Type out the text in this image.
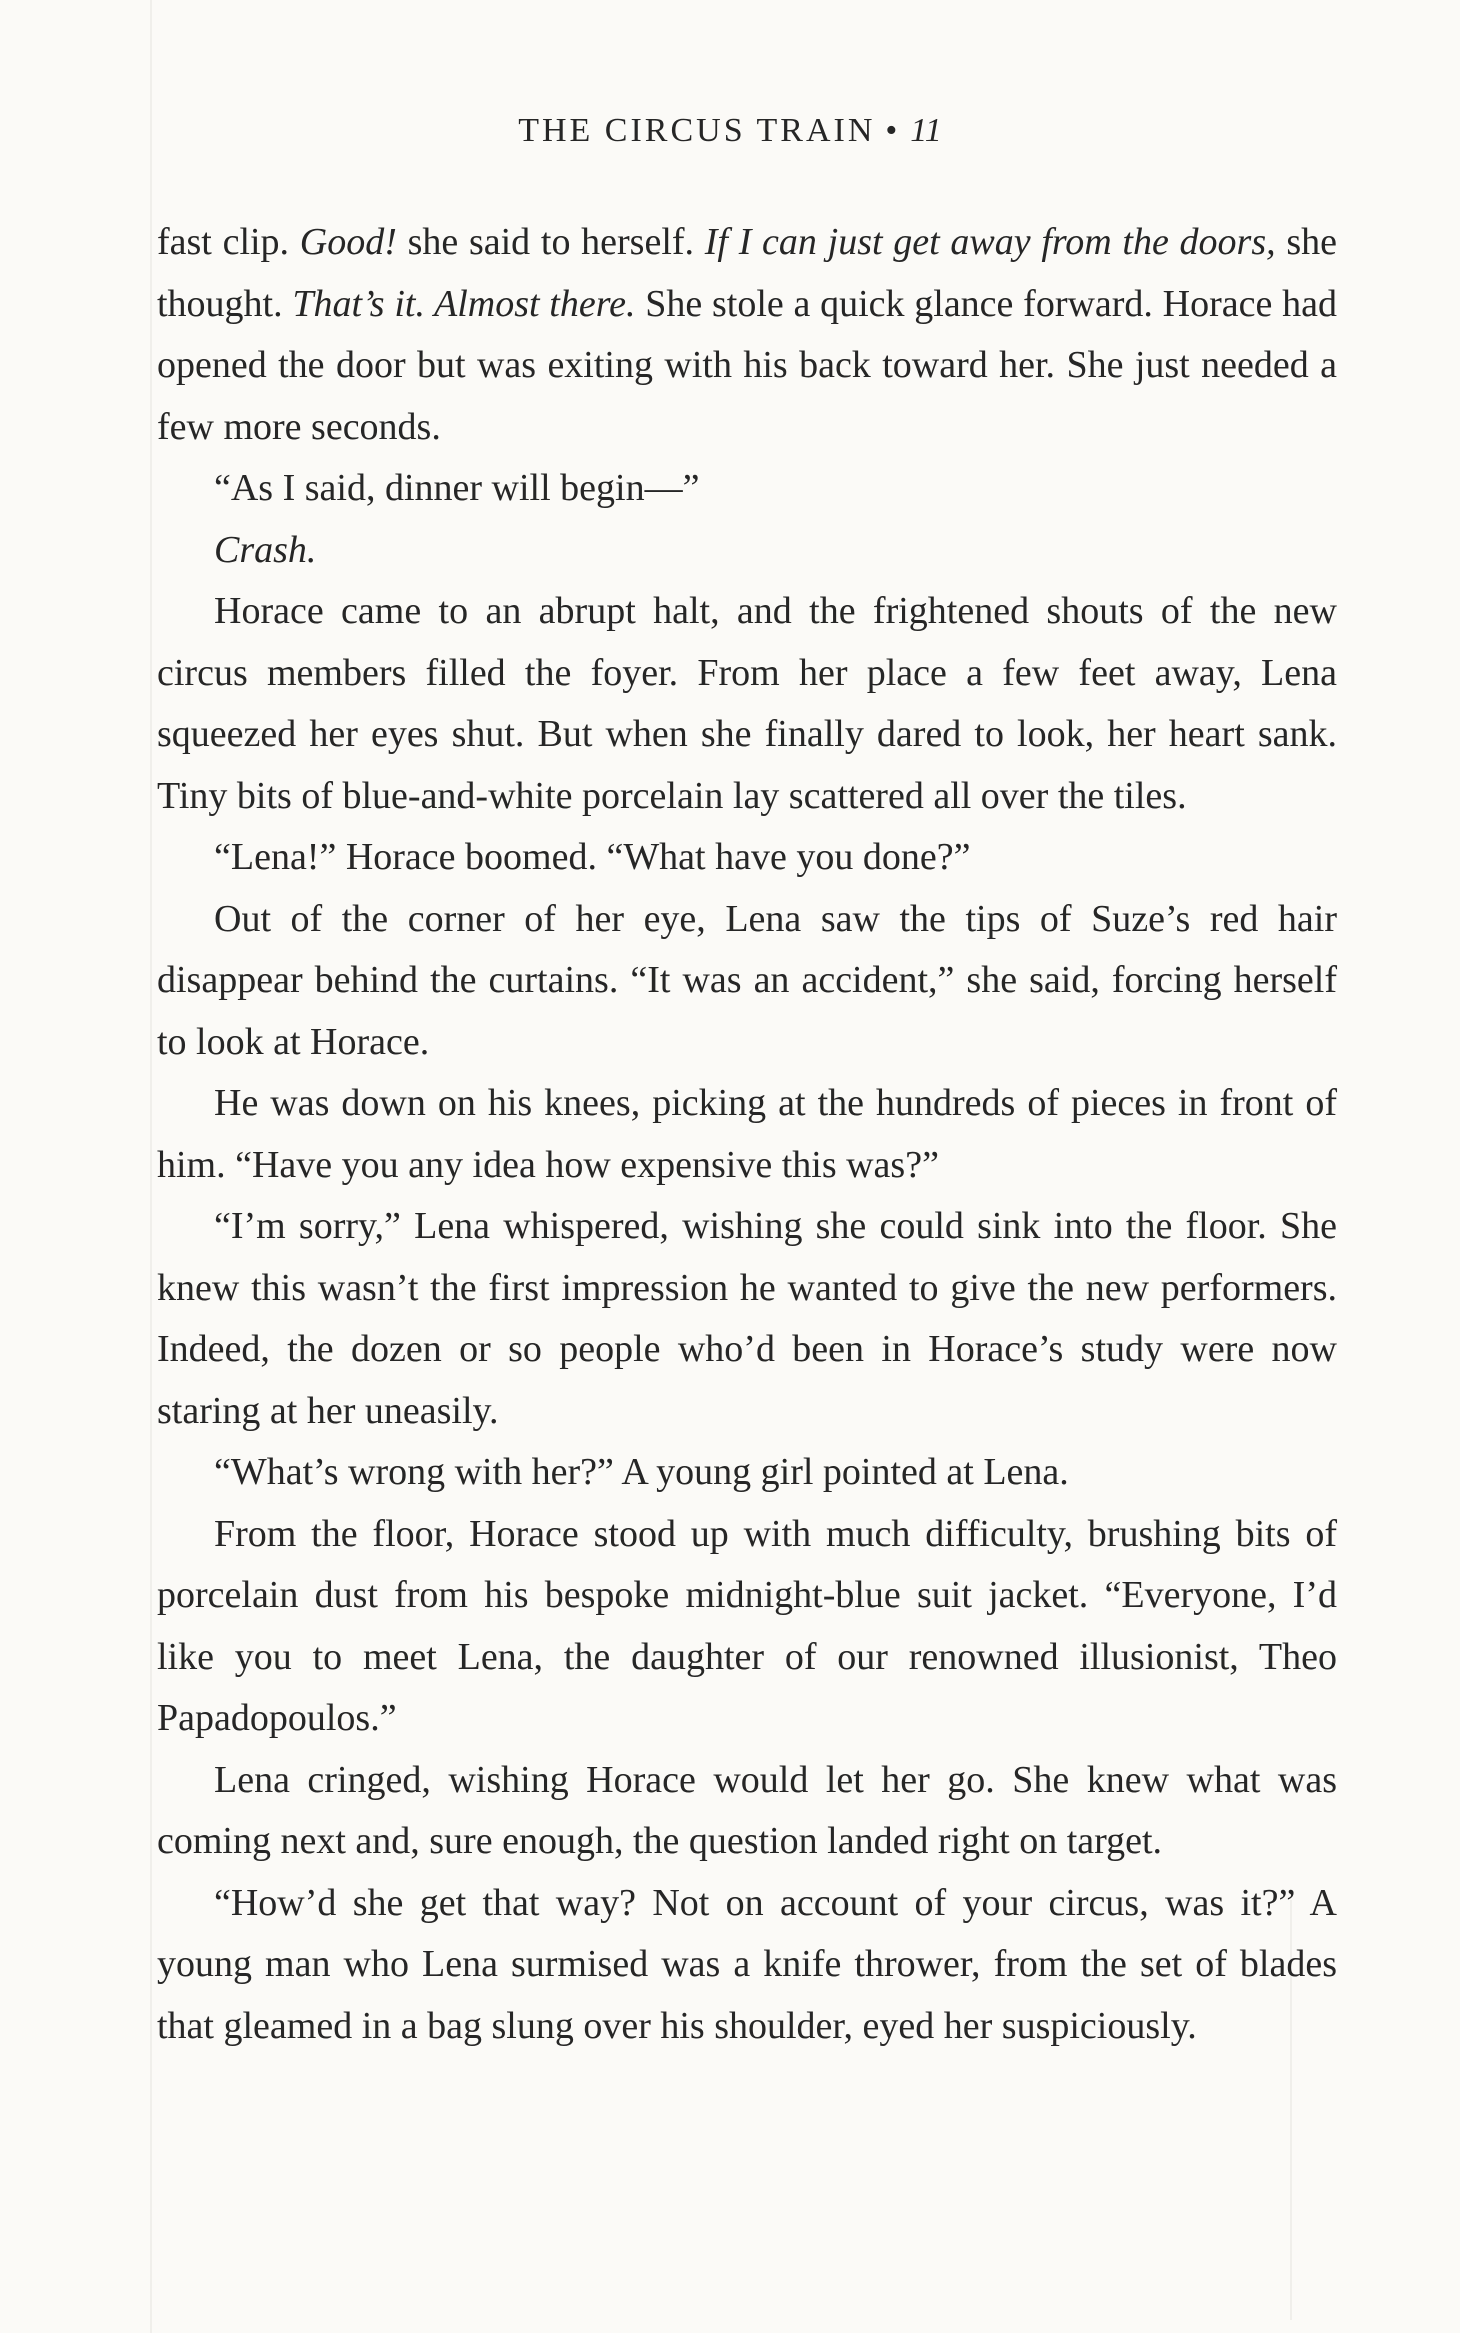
THE CIRCUS TRAIN • 11

fast clip. Good! she said to herself. If I can just get away from the doors, she thought. That’s it. Almost there. She stole a quick glance forward. Horace had opened the door but was exiting with his back toward her. She just needed a few more seconds.

“As I said, dinner will begin—”

Crash.

Horace came to an abrupt halt, and the frightened shouts of the new circus members filled the foyer. From her place a few feet away, Lena squeezed her eyes shut. But when she finally dared to look, her heart sank. Tiny bits of blue-and-white porcelain lay scattered all over the tiles.

“Lena!” Horace boomed. “What have you done?”

Out of the corner of her eye, Lena saw the tips of Suze’s red hair disappear behind the curtains. “It was an accident,” she said, forcing herself to look at Horace.

He was down on his knees, picking at the hundreds of pieces in front of him. “Have you any idea how expensive this was?”

“I’m sorry,” Lena whispered, wishing she could sink into the floor. She knew this wasn’t the first impression he wanted to give the new performers. Indeed, the dozen or so people who’d been in Horace’s study were now staring at her uneasily.

“What’s wrong with her?” A young girl pointed at Lena.

From the floor, Horace stood up with much difficulty, brushing bits of porcelain dust from his bespoke midnight-blue suit jacket. “Everyone, I’d like you to meet Lena, the daughter of our renowned illusionist, Theo Papadopoulos.”

Lena cringed, wishing Horace would let her go. She knew what was coming next and, sure enough, the question landed right on target.

“How’d she get that way? Not on account of your circus, was it?” A young man who Lena surmised was a knife thrower, from the set of blades that gleamed in a bag slung over his shoulder, eyed her suspiciously.
